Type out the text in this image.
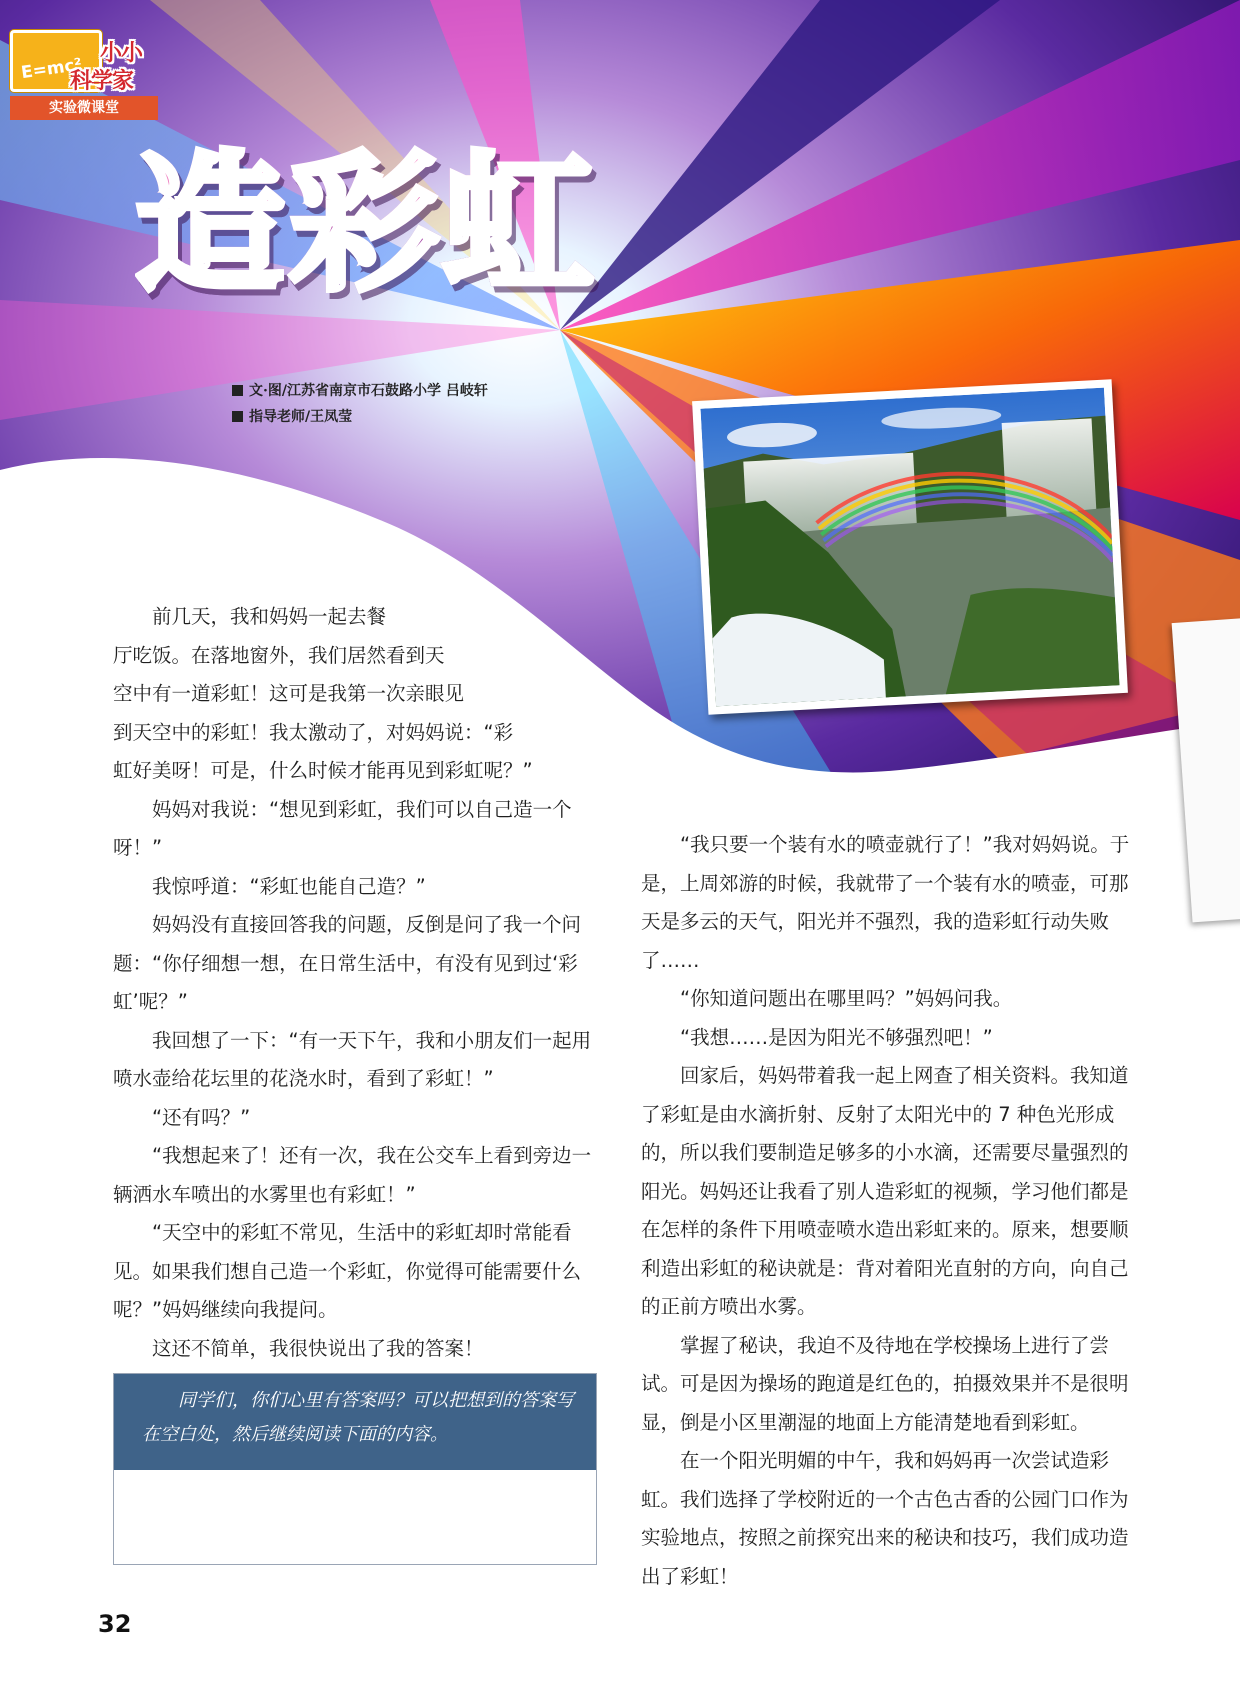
E=mc²
小小
科学家
实验微课堂
造彩虹
文·图/江苏省南京市石鼓路小学 吕岐轩
指导老师/王凤莹

前几天，我和妈妈一起去餐

厅吃饭。在落地窗外，我们居然看到天

空中有一道彩虹！这可是我第一次亲眼见

到天空中的彩虹！我太激动了，对妈妈说：“彩

虹好美呀！可是，什么时候才能再见到彩虹呢？”

妈妈对我说：“想见到彩虹，我们可以自己造一个呀！”

我惊呼道：“彩虹也能自己造？”

妈妈没有直接回答我的问题，反倒是问了我一个问题：“你仔细想一想，在日常生活中，有没有见到过‘彩虹’呢？”

我回想了一下：“有一天下午，我和小朋友们一起用喷水壶给花坛里的花浇水时，看到了彩虹！”

“还有吗？”

“我想起来了！还有一次，我在公交车上看到旁边一辆洒水车喷出的水雾里也有彩虹！”

“天空中的彩虹不常见，生活中的彩虹却时常能看见。如果我们想自己造一个彩虹，你觉得可能需要什么呢？”妈妈继续向我提问。

这还不简单，我很快说出了我的答案！

同学们，你们心里有答案吗？可以把想到的答案写在空白处，然后继续阅读下面的内容。

“我只要一个装有水的喷壶就行了！”我对妈妈说。于是，上周郊游的时候，我就带了一个装有水的喷壶，可那天是多云的天气，阳光并不强烈，我的造彩虹行动失败了……

“你知道问题出在哪里吗？”妈妈问我。

“我想……是因为阳光不够强烈吧！”

回家后，妈妈带着我一起上网查了相关资料。我知道了彩虹是由水滴折射、反射了太阳光中的 7 种色光形成的，所以我们要制造足够多的小水滴，还需要尽量强烈的阳光。妈妈还让我看了别人造彩虹的视频，学习他们都是在怎样的条件下用喷壶喷水造出彩虹来的。原来，想要顺利造出彩虹的秘诀就是：背对着阳光直射的方向，向自己的正前方喷出水雾。

掌握了秘诀，我迫不及待地在学校操场上进行了尝试。可是因为操场的跑道是红色的，拍摄效果并不是很明显，倒是小区里潮湿的地面上方能清楚地看到彩虹。

在一个阳光明媚的中午，我和妈妈再一次尝试造彩虹。我们选择了学校附近的一个古色古香的公园门口作为实验地点，按照之前探究出来的秘诀和技巧，我们成功造出了彩虹！

32
